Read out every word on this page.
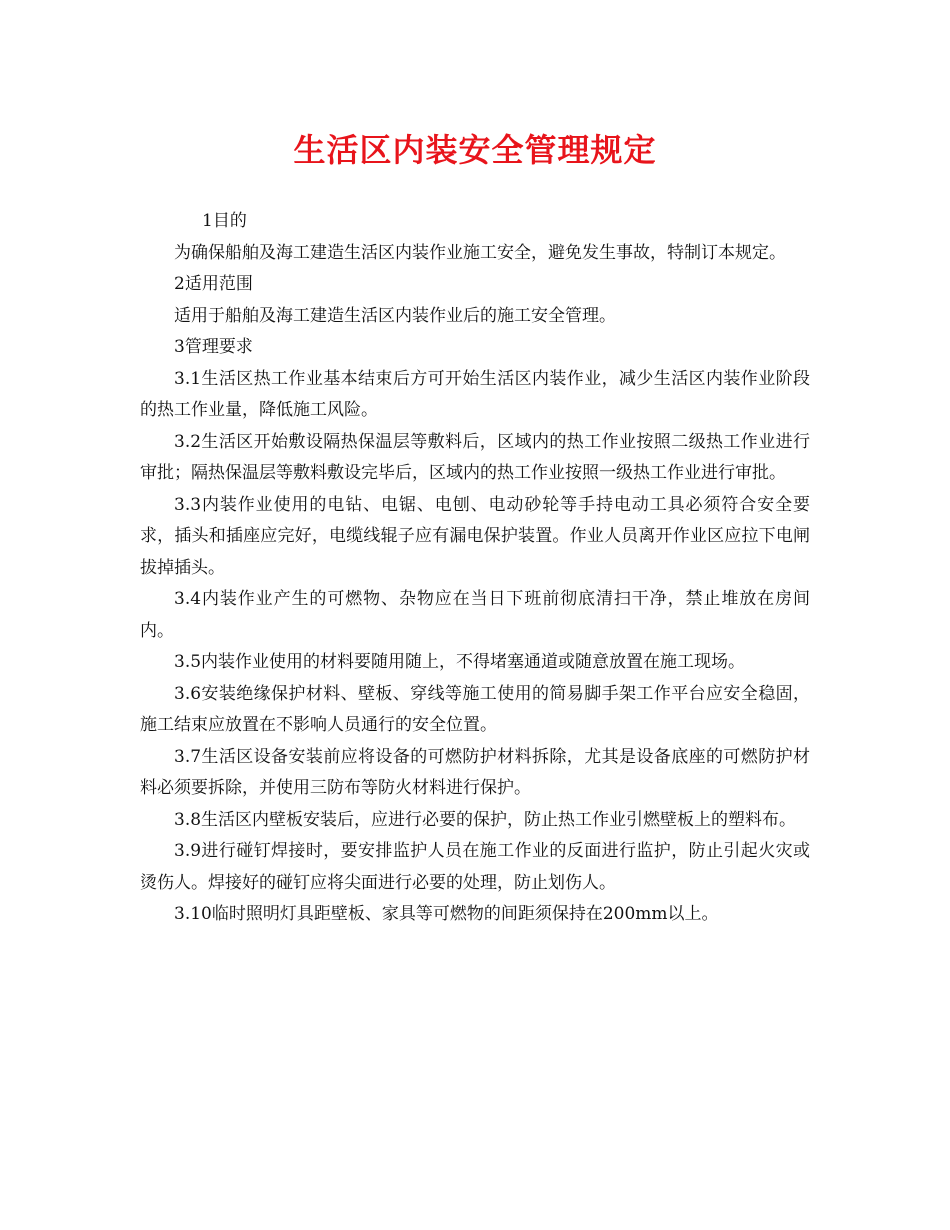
生活区内装安全管理规定

1目的

为确保船舶及海工建造生活区内装作业施工安全，避免发生事故，特制订本规定。

2适用范围

适用于船舶及海工建造生活区内装作业后的施工安全管理。

3管理要求

3.1生活区热工作业基本结束后方可开始生活区内装作业，减少生活区内装作业阶段的热工作业量，降低施工风险。

3.2生活区开始敷设隔热保温层等敷料后，区域内的热工作业按照二级热工作业进行审批；隔热保温层等敷料敷设完毕后，区域内的热工作业按照一级热工作业进行审批。

3.3内装作业使用的电钻、电锯、电刨、电动砂轮等手持电动工具必须符合安全要求，插头和插座应完好，电缆线辊子应有漏电保护装置。作业人员离开作业区应拉下电闸拔掉插头。

3.4内装作业产生的可燃物、杂物应在当日下班前彻底清扫干净，禁止堆放在房间内。

3.5内装作业使用的材料要随用随上，不得堵塞通道或随意放置在施工现场。

3.6安装绝缘保护材料、壁板、穿线等施工使用的简易脚手架工作平台应安全稳固，施工结束应放置在不影响人员通行的安全位置。

3.7生活区设备安装前应将设备的可燃防护材料拆除，尤其是设备底座的可燃防护材料必须要拆除，并使用三防布等防火材料进行保护。

3.8生活区内壁板安装后，应进行必要的保护，防止热工作业引燃壁板上的塑料布。

3.9进行碰钉焊接时，要安排监护人员在施工作业的反面进行监护，防止引起火灾或烫伤人。焊接好的碰钉应将尖面进行必要的处理，防止划伤人。

3.10临时照明灯具距壁板、家具等可燃物的间距须保持在200mm以上。
